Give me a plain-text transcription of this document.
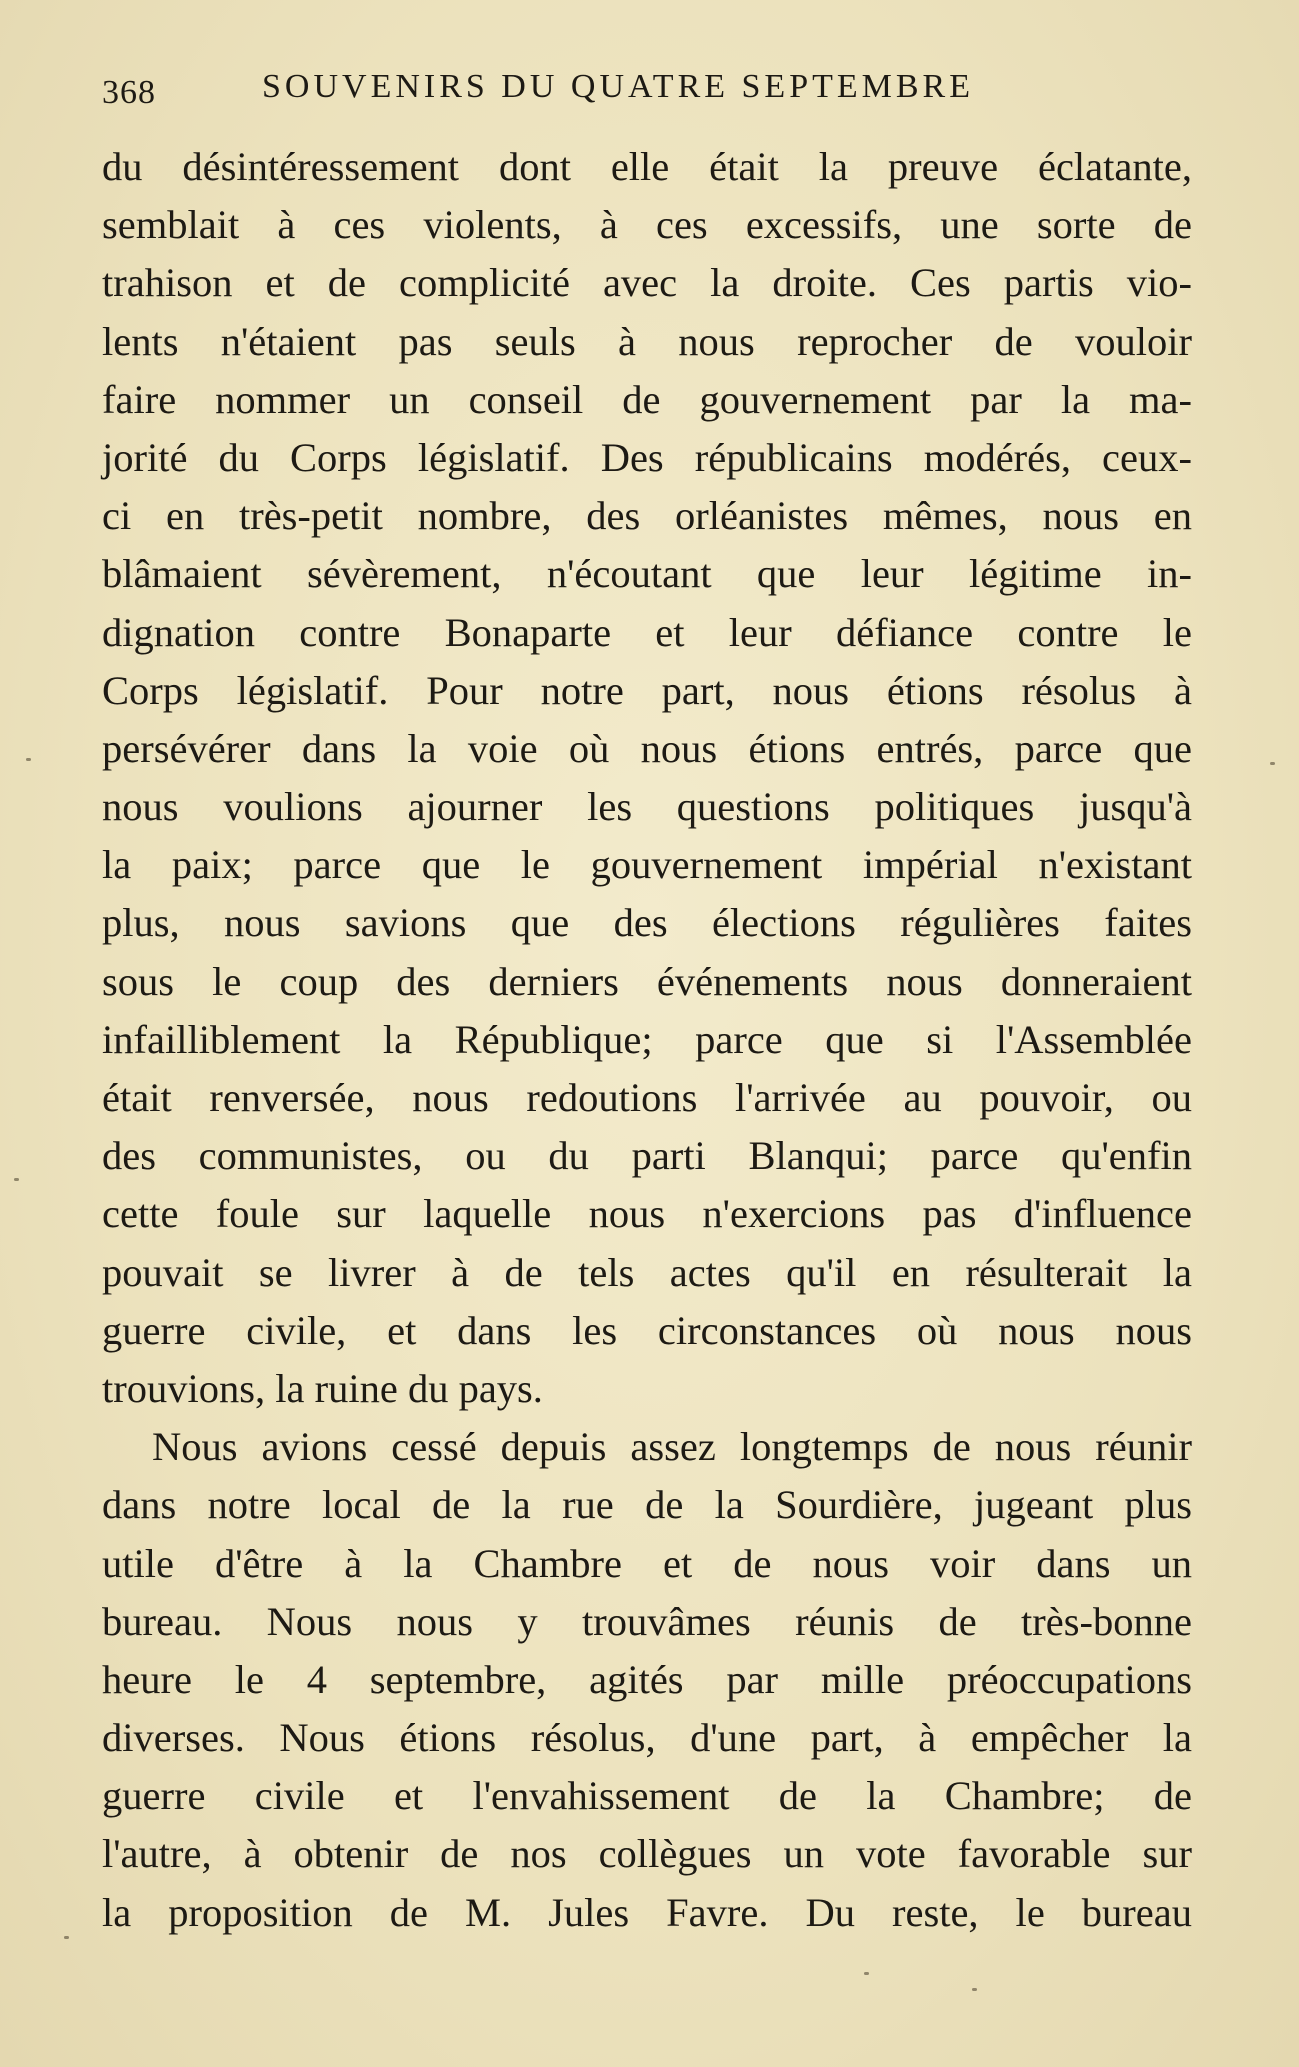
368	SOUVENIRS DU QUATRE SEPTEMBRE
du désintéressement dont elle était la preuve éclatante,
semblait à ces violents, à ces excessifs, une sorte de
trahison et de complicité avec la droite. Ces partis vio-
lents n'étaient pas seuls à nous reprocher de vouloir
faire nommer un conseil de gouvernement par la ma-
jorité du Corps législatif. Des républicains modérés, ceux-
ci en très-petit nombre, des orléanistes mêmes, nous en
blâmaient sévèrement, n'écoutant que leur légitime in-
dignation contre Bonaparte et leur défiance contre le
Corps législatif. Pour notre part, nous étions résolus à
persévérer dans la voie où nous étions entrés, parce que
nous voulions ajourner les questions politiques jusqu'à
la paix; parce que le gouvernement impérial n'existant
plus, nous savions que des élections régulières faites
sous le coup des derniers événements nous donneraient
infailliblement la République; parce que si l'Assemblée
était renversée, nous redoutions l'arrivée au pouvoir, ou
des communistes, ou du parti Blanqui; parce qu'enfin
cette foule sur laquelle nous n'exercions pas d'influence
pouvait se livrer à de tels actes qu'il en résulterait la
guerre civile, et dans les circonstances où nous nous
trouvions, la ruine du pays.
Nous avions cessé depuis assez longtemps de nous réunir
dans notre local de la rue de la Sourdière, jugeant plus
utile d'être à la Chambre et de nous voir dans un
bureau. Nous nous y trouvâmes réunis de très-bonne
heure le 4 septembre, agités par mille préoccupations
diverses. Nous étions résolus, d'une part, à empêcher la
guerre civile et l'envahissement de la Chambre; de
l'autre, à obtenir de nos collègues un vote favorable sur
la proposition de M. Jules Favre. Du reste, le bureau
